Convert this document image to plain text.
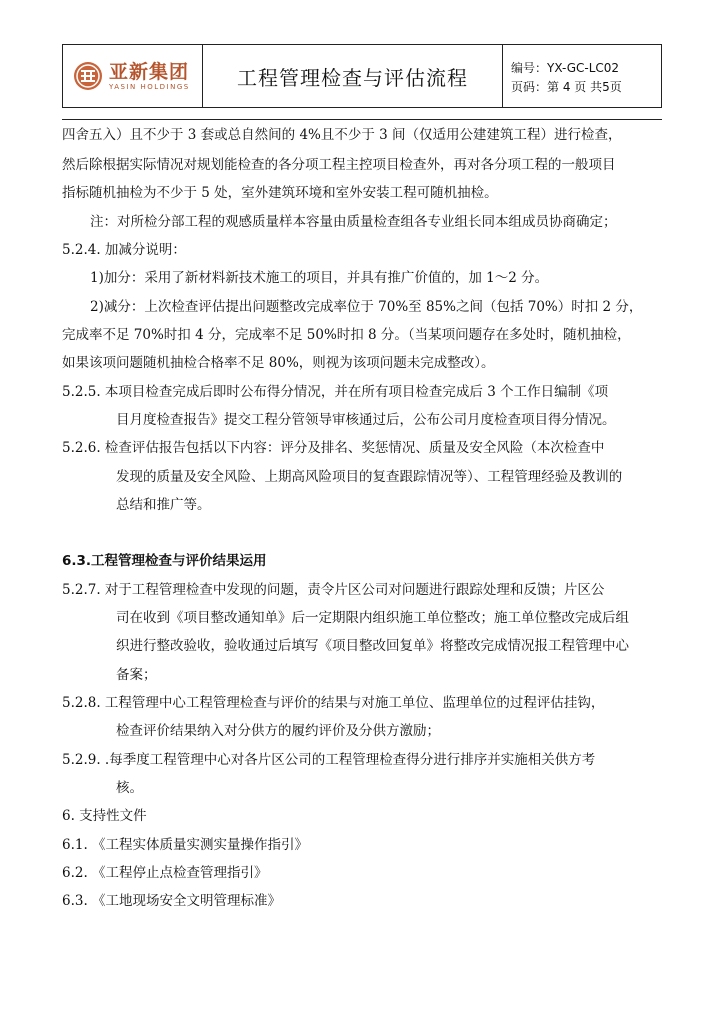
亚新集团
YASIN HOLDINGS	工程管理检查与评估流程	编号：YX-GC-LC02
页码：第 4 页 共5页
四舍五入）且不少于 3 套或总自然间的 4%且不少于 3 间（仅适用公建建筑工程）进行检查，
然后除根据实际情况对规划能检查的各分项工程主控项目检查外，再对各分项工程的一般项目
指标随机抽检为不少于 5 处，室外建筑环境和室外安装工程可随机抽检。
注：对所检分部工程的观感质量样本容量由质量检查组各专业组长同本组成员协商确定；
5.2.4. 加减分说明：
1)加分：采用了新材料新技术施工的项目，并具有推广价值的，加 1～2 分。
2)减分：上次检查评估提出问题整改完成率位于 70%至 85%之间（包括 70%）时扣 2 分，
完成率不足 70%时扣 4 分，完成率不足 50%时扣 8 分。（当某项问题存在多处时，随机抽检，
如果该项问题随机抽检合格率不足 80%，则视为该项问题未完成整改）。
5.2.5. 本项目检查完成后即时公布得分情况，并在所有项目检查完成后 3 个工作日编制《项
目月度检查报告》提交工程分管领导审核通过后，公布公司月度检查项目得分情况。
5.2.6. 检查评估报告包括以下内容：评分及排名、奖惩情况、质量及安全风险（本次检查中
发现的质量及安全风险、上期高风险项目的复查跟踪情况等）、工程管理经验及教训的
总结和推广等。
6.3.工程管理检查与评价结果运用
5.2.7. 对于工程管理检查中发现的问题，责令片区公司对问题进行跟踪处理和反馈；片区公
司在收到《项目整改通知单》后一定期限内组织施工单位整改；施工单位整改完成后组
织进行整改验收，验收通过后填写《项目整改回复单》将整改完成情况报工程管理中心
备案；
5.2.8. 工程管理中心工程管理检查与评价的结果与对施工单位、监理单位的过程评估挂钩，
检查评价结果纳入对分供方的履约评价及分供方激励；
5.2.9. .每季度工程管理中心对各片区公司的工程管理检查得分进行排序并实施相关供方考
核。
6. 支持性文件
6.1. 《工程实体质量实测实量操作指引》
6.2. 《工程停止点检查管理指引》
6.3. 《工地现场安全文明管理标准》
